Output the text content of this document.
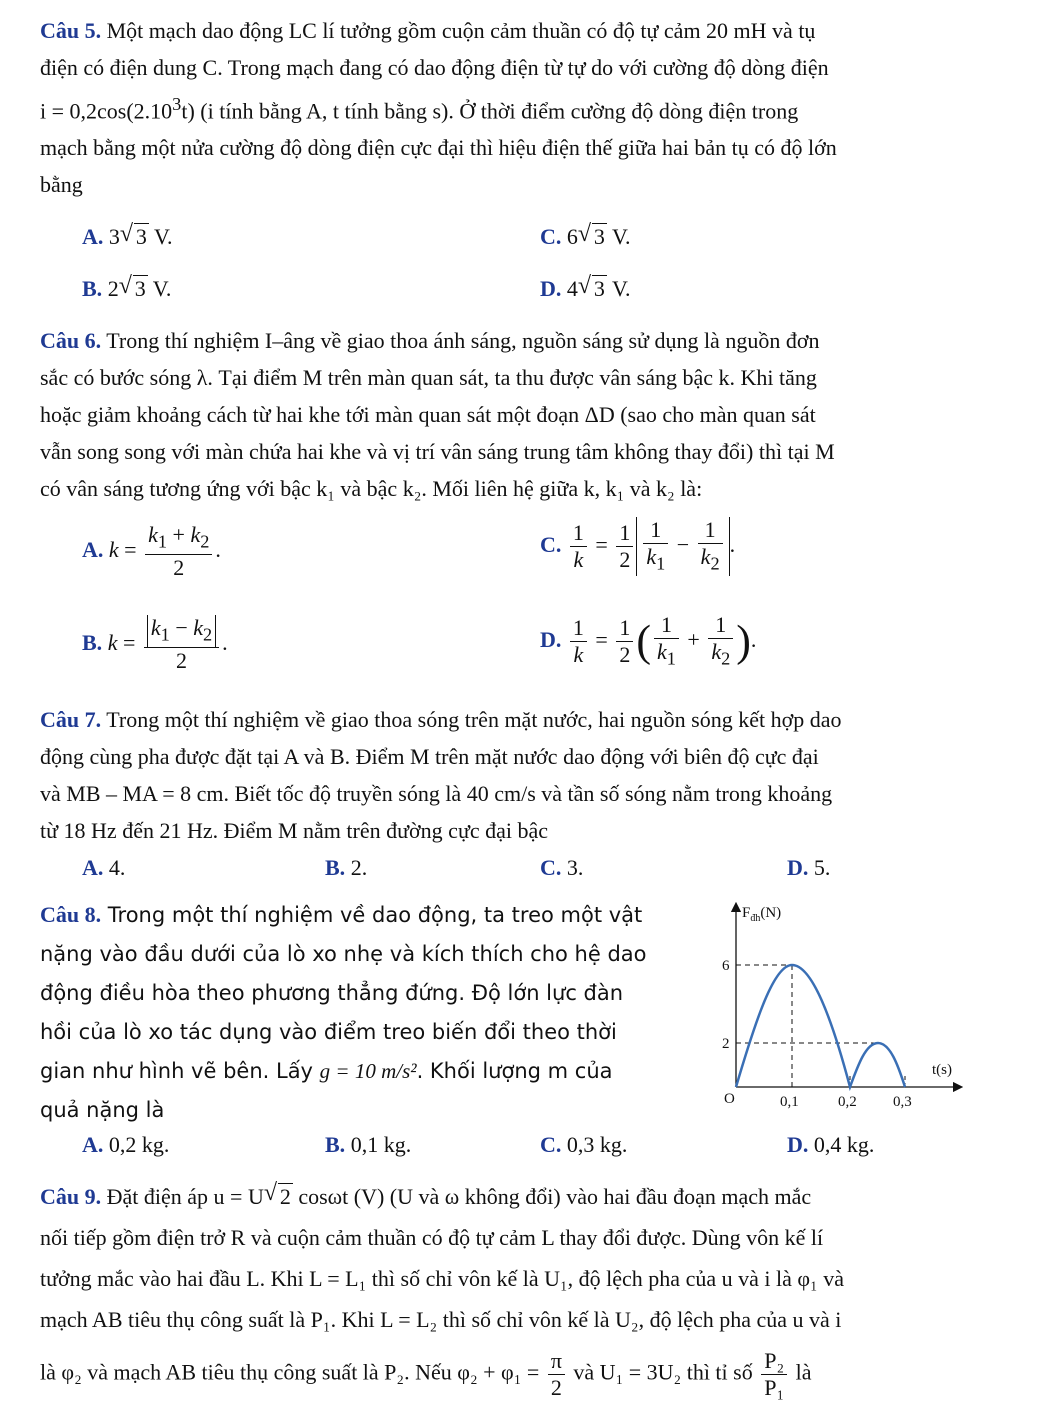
Câu 5. Một mạch dao động LC lí tưởng gồm cuộn cảm thuần có độ tự cảm 20 mH và tụ
điện có điện dung C. Trong mạch đang có dao động điện từ tự do với cường độ dòng điện
$i = 0,2\cos(2.10^3t)$ (i tính bằng A, t tính bằng s). Ở thời điểm cường độ dòng điện trong
mạch bằng một nửa cường độ dòng điện cực đại thì hiệu điện thế giữa hai bản tụ có độ lớn
bằng
A. 3 √ 3 V.	C. 6 √ 3 V.
B. 2 √ 3 V.	D. 4 √ 3 V.
Câu 6. Trong thí nghiệm I–âng về giao thoa ánh sáng, nguồn sáng sử dụng là nguồn đơn
sắc có bước sóng λ. Tại điểm M trên màn quan sát, ta thu được vân sáng bậc k. Khi tăng
hoặc giảm khoảng cách từ hai khe tới màn quan sát một đoạn ΔD (sao cho màn quan sát
vẫn song song với màn chứa hai khe và vị trí vân sáng trung tâm không thay đổi) thì tại M
có vân sáng tương ứng với bậc k₁ và bậc k₂. Mối liên hệ giữa k, k₁ và k₂ là:
A. $k = \frac{k_1 + k_2}{2}$ .	C. $\frac{1}{k} = \frac{1}{2} \frac{1}{k_1} - \frac{1}{k_2}$ .
B. $k = \frac{k_1 - k_2}{2}$ .	D. $\frac{1}{k} = \frac{1}{2}$ ( $\frac{1}{k_1} + \frac{1}{k_2}$ ).
Câu 7. Trong một thí nghiệm về giao thoa sóng trên mặt nước, hai nguồn sóng kết hợp dao
động cùng pha được đặt tại A và B. Điểm M trên mặt nước dao động với biên độ cực đại
và MB – MA = 8 cm. Biết tốc độ truyền sóng là 40 cm/s và tần số sóng nằm trong khoảng
từ 18 Hz đến 21 Hz. Điểm M nằm trên đường cực đại bậc
A. 4.	B. 2.	C. 3.	D. 5.
Câu 8. Trong một thí nghiệm về dao động, ta treo một vật
nặng vào đầu dưới của lò xo nhẹ và kích thích cho hệ dao
động điều hòa theo phương thẳng đứng. Độ lớn lực đàn
hồi của lò xo tác dụng vào điểm treo biến đổi theo thời
gian như hình vẽ bên. Lấy g = 10 m/s². Khối lượng m của
quả nặng là
$F_{đh}(N)$
6
2
O	0,1	0,2 0,3
t(s)
A. 0,2 kg.	B. 0,1 kg.	C. 0,3 kg.	D. 0,4 kg.
Câu 9. Đặt điện áp u = U √ 2 cosωt (V) (U và ω không đổi) vào hai đầu đoạn mạch mắc
nối tiếp gồm điện trở R và cuộn cảm thuần có độ tự cảm L thay đổi được. Dùng vôn kế lí
tưởng mắc vào hai đầu L. Khi L = L₁ thì số chỉ vôn kế là U₁, độ lệch pha của u và i là φ₁ và
mạch AB tiêu thụ công suất là P₁. Khi L = L₂ thì số chỉ vôn kế là U₂, độ lệch pha của u và i
là φ₂ và mạch AB tiêu thụ công suất là P₂. Nếu $\varphi_2 + \varphi_1 = \frac{\pi}{2}$ và U₁ = 3U₂ thì tỉ số $\frac{\text{P₂}}{\text{P₁}}$ là
